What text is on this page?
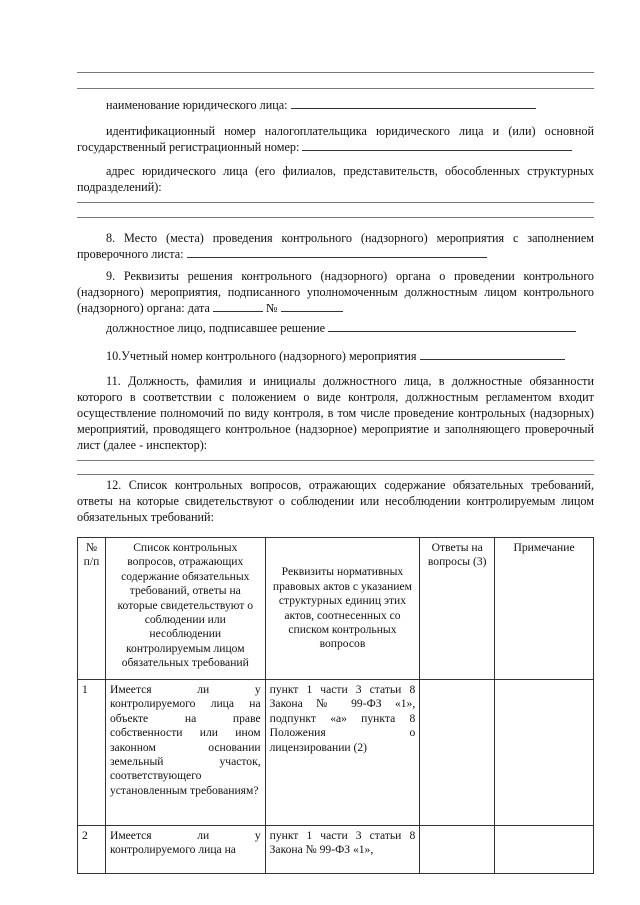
наименование юридического лица:
идентификационный номер налогоплательщика юридического лица и (или) основной государственный регистрационный номер:
адрес юридического лица (его филиалов, представительств, обособленных структурных подразделений):
8. Место (места) проведения контрольного (надзорного) мероприятия с заполнением проверочного листа:
9. Реквизиты решения контрольного (надзорного) органа о проведении контрольного (надзорного) мероприятия, подписанного уполномоченным должностным лицом контрольного (надзорного) органа: дата	№
должностное лицо, подписавшее решение
10.Учетный номер контрольного (надзорного) мероприятия
11. Должность, фамилия и инициалы должностного лица, в должностные обязанности которого в соответствии с положением о виде контроля, должностным регламентом входит осуществление полномочий по виду контроля, в том числе проведение контрольных (надзорных) мероприятий, проводящего контрольное (надзорное) мероприятие и заполняющего проверочный лист (далее - инспектор):
12. Список контрольных вопросов, отражающих содержание обязательных требований, ответы на которые свидетельствуют о соблюдении или несоблюдении контролируемым лицом обязательных требований:
№ п/п	Список контрольных вопросов, отражающих содержание обязательных требований, ответы на которые свидетельствуют о соблюдении или несоблюдении контролируемым лицом обязательных требований	Реквизиты нормативных правовых актов с указанием структурных единиц этих актов, соотнесенных со списком контрольных вопросов	Ответы на вопросы (3)	Примечание
1	Имеется ли у контролируемого лица на объекте на праве собственности или ином законном основании земельный участок, соответствующего установленным требованиям?	пункт 1 части 3 статьи 8 Закона № 99-ФЗ «1», подпункт «а» пункта 8 Положения о лицензировании (2)		
2	Имеется ли у контролируемого лица на	пункт 1 части 3 статьи 8 Закона № 99-ФЗ «1»,		
